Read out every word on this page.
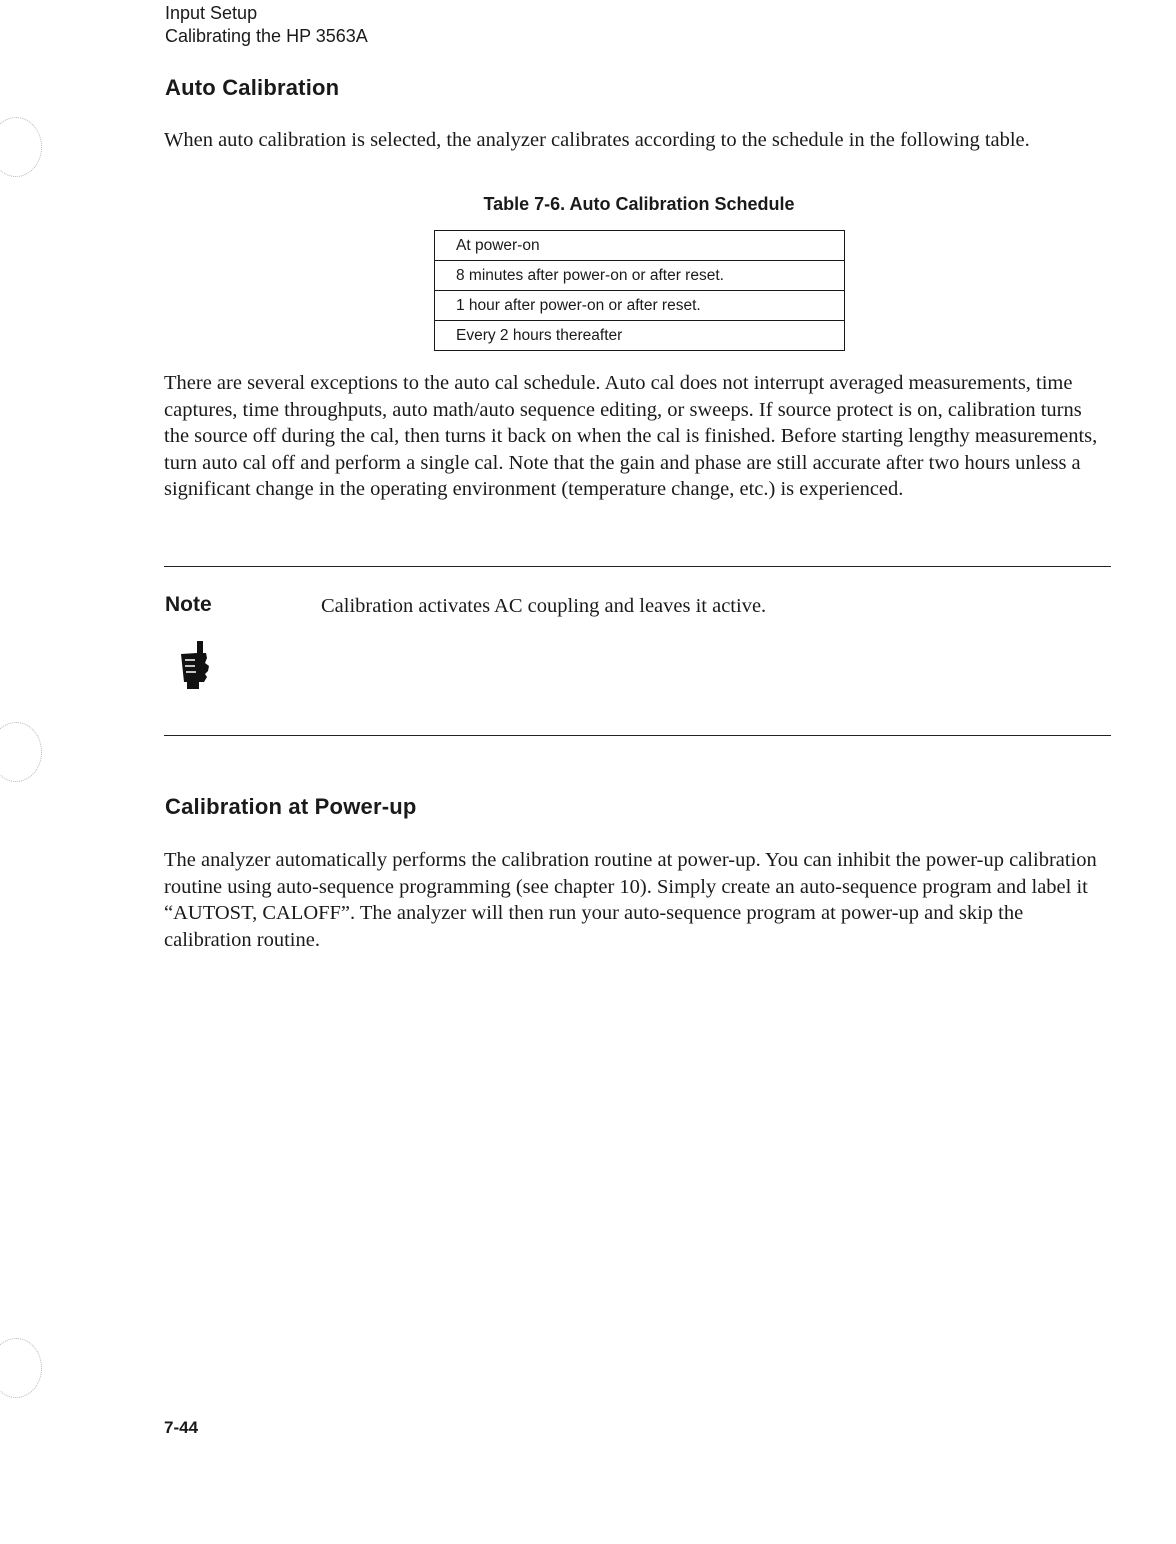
Input Setup
Calibrating the HP 3563A
Auto Calibration

When auto calibration is selected, the analyzer calibrates according to the schedule in the following table.

Table 7-6. Auto Calibration Schedule
At power-on
8 minutes after power-on or after reset.
1 hour after power-on or after reset.
Every 2 hours thereafter

There are several exceptions to the auto cal schedule. Auto cal does not interrupt averaged measurements, time captures, time throughputs, auto math/auto sequence editing, or sweeps. If source protect is on, calibration turns the source off during the cal, then turns it back on when the cal is finished. Before starting lengthy measurements, turn auto cal off and perform a single cal. Note that the gain and phase are still accurate after two hours unless a significant change in the operating environment (temperature change, etc.) is experienced.

Note	Calibration activates AC coupling and leaves it active.
Calibration at Power-up

The analyzer automatically performs the calibration routine at power-up. You can inhibit the power-up calibration routine using auto-sequence programming (see chapter 10). Simply create an auto-sequence program and label it “AUTOST, CALOFF”. The analyzer will then run your auto-sequence program at power-up and skip the calibration routine.

7-44
